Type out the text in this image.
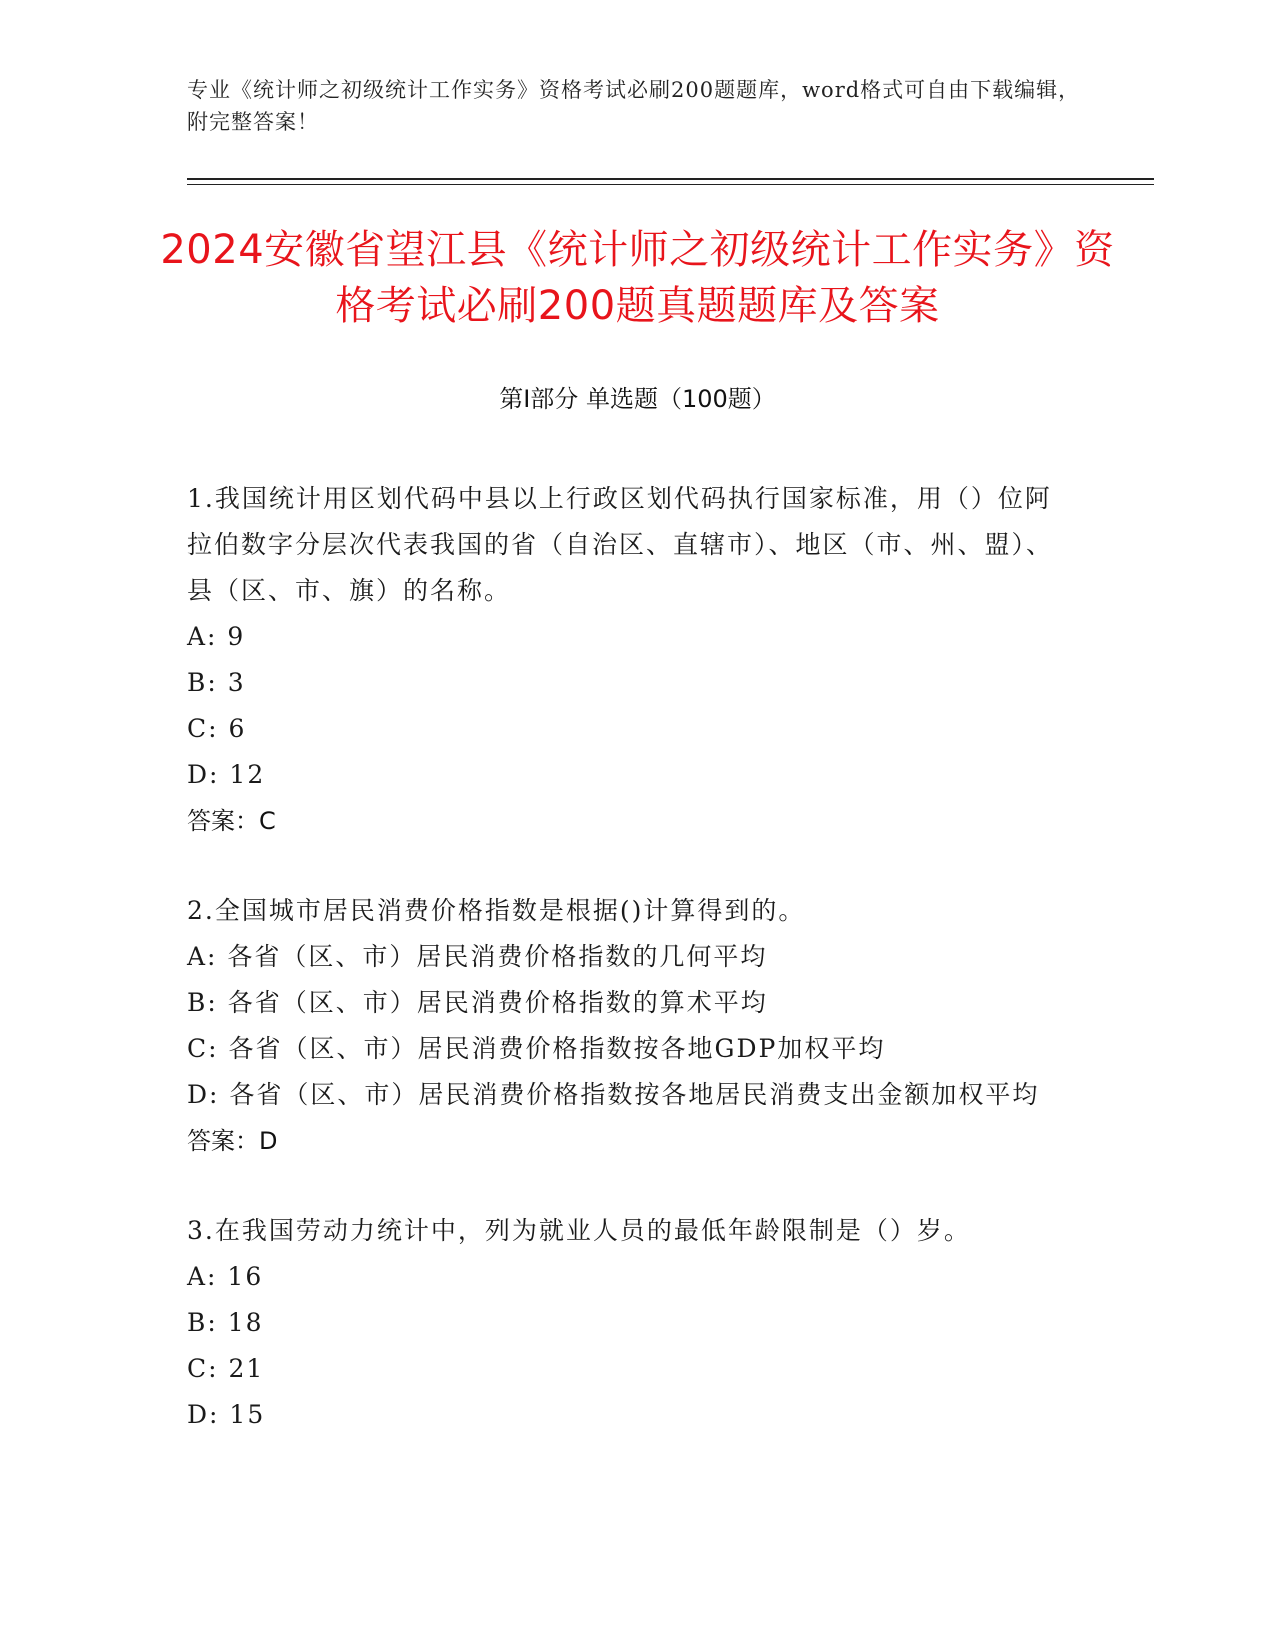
专业《统计师之初级统计工作实务》资格考试必刷200题题库，word格式可自由下载编辑，附完整答案！
2024安徽省望江县《统计师之初级统计工作实务》资格考试必刷200题真题题库及答案
第Ⅰ部分 单选题（100题）
1.我国统计用区划代码中县以上行政区划代码执行国家标准，用（）位阿拉伯数字分层次代表我国的省（自治区、直辖市）、地区（市、州、盟）、县（区、市、旗）的名称。
A: 9
B: 3
C: 6
D: 12
答案：C
2.全国城市居民消费价格指数是根据()计算得到的。
A: 各省（区、市）居民消费价格指数的几何平均
B: 各省（区、市）居民消费价格指数的算术平均
C: 各省（区、市）居民消费价格指数按各地GDP加权平均
D: 各省（区、市）居民消费价格指数按各地居民消费支出金额加权平均
答案：D
3.在我国劳动力统计中，列为就业人员的最低年龄限制是（）岁。
A: 16
B: 18
C: 21
D: 15
